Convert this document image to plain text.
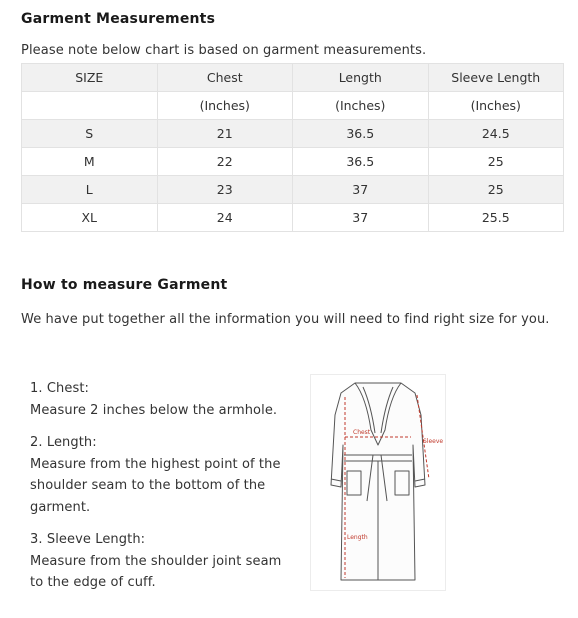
Garment Measurements
Please note below chart is based on garment measurements.
SIZE	Chest	Length	Sleeve Length
	(Inches)	(Inches)	(Inches)
S	21	36.5	24.5
M	22	36.5	25
L	23	37	25
XL	24	37	25.5
How to measure Garment
We have put together all the information you will need to find right size for you.
1. Chest:
Measure 2 inches below the armhole.
2. Length:
Measure from the highest point of the shoulder seam to the bottom of the garment.
3. Sleeve Length:
Measure from the shoulder joint seam to the edge of cuff.
Chest
Sleeve
Length
